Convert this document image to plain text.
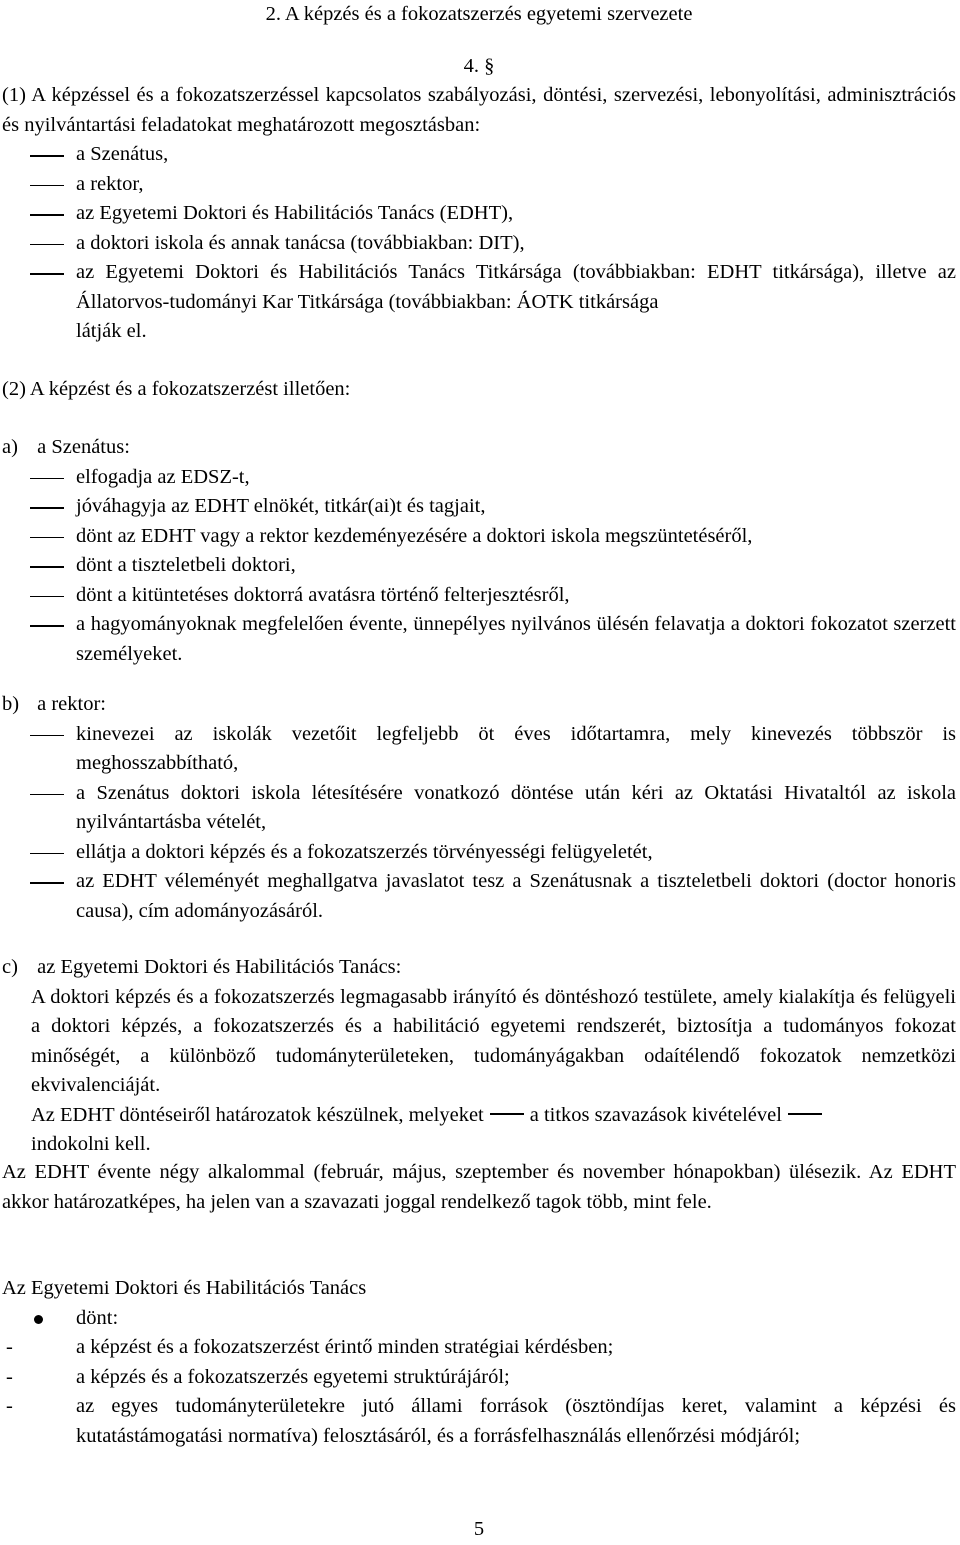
2. A képzés és a fokozatszerzés egyetemi szervezete
4. §
(1) A képzéssel és a fokozatszerzéssel kapcsolatos szabályozási, döntési, szervezési, lebonyolítási, adminisztrációs és nyilvántartási feladatokat meghatározott megosztásban:
a Szenátus,
a rektor,
az Egyetemi Doktori és Habilitációs Tanács (EDHT),
a doktori iskola és annak tanácsa (továbbiakban: DIT),
az Egyetemi Doktori és Habilitációs Tanács Titkársága (továbbiakban: EDHT titkársága), illetve az Állatorvos-tudományi Kar Titkársága (továbbiakban: ÁOTK titkársága
látják el.
(2) A képzést és a fokozatszerzést illetően:
a) a Szenátus:
elfogadja az EDSZ-t,
jóváhagyja az EDHT elnökét, titkár(ai)t és tagjait,
dönt az EDHT vagy a rektor kezdeményezésére a doktori iskola megszüntetéséről,
dönt a tiszteletbeli doktori,
dönt a kitüntetéses doktorrá avatásra történő felterjesztésről,
a hagyományoknak megfelelően évente, ünnepélyes nyilvános ülésén felavatja a doktori fokozatot szerzett személyeket.
b) a rektor:
kinevezei az iskolák vezetőit legfeljebb öt éves időtartamra, mely kinevezés többször is meghosszabbítható,
a Szenátus doktori iskola létesítésére vonatkozó döntése után kéri az Oktatási Hivataltól az iskola nyilvántartásba vételét,
ellátja a doktori képzés és a fokozatszerzés törvényességi felügyeletét,
az EDHT véleményét meghallgatva javaslatot tesz a Szenátusnak a tiszteletbeli doktori (doctor honoris causa), cím adományozásáról.
c) az Egyetemi Doktori és Habilitációs Tanács:
A doktori képzés és a fokozatszerzés legmagasabb irányító és döntéshozó testülete, amely kialakítja és felügyeli a doktori képzés, a fokozatszerzés és a habilitáció egyetemi rendszerét, biztosítja a tudományos fokozat minőségét, a különböző tudományterületeken, tudományágakban odaítélendő fokozatok nemzetközi ekvivalenciáját.
Az EDHT döntéseiről határozatok készülnek, melyeket a titkos szavazások kivételével
indokolni kell.
Az EDHT évente négy alkalommal (február, május, szeptember és november hónapokban) ülésezik. Az EDHT akkor határozatképes, ha jelen van a szavazati joggal rendelkező tagok több, mint fele.
Az Egyetemi Doktori és Habilitációs Tanács
dönt:
- a képzést és a fokozatszerzést érintő minden stratégiai kérdésben;
- a képzés és a fokozatszerzés egyetemi struktúrájáról;
- az egyes tudományterületekre jutó állami források (ösztöndíjas keret, valamint a képzési és kutatástámogatási normatíva) felosztásáról, és a forrásfelhasználás ellenőrzési módjáról;
5
